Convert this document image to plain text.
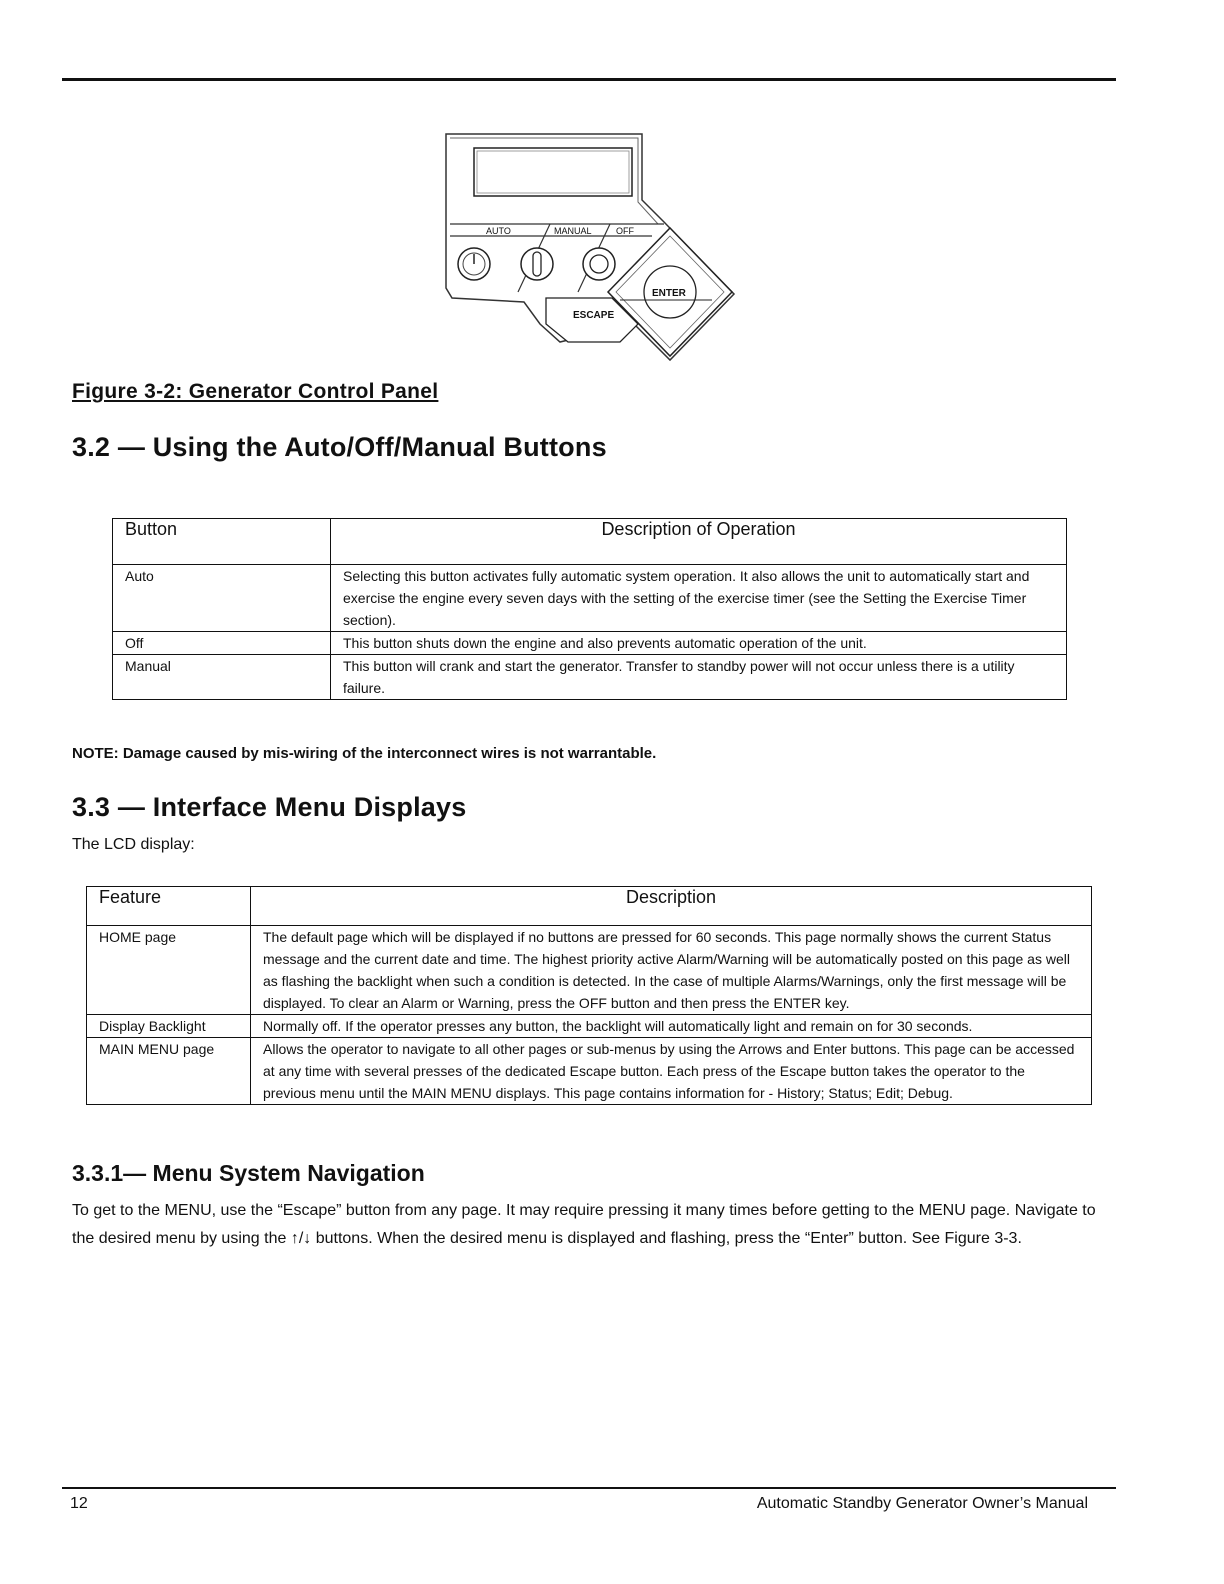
AUTO	MANUAL	OFF
ENTER
ESCAPE
Figure 3-2: Generator Control Panel
3.2 — Using the Auto/Off/Manual Buttons
Button	Description of Operation
Auto	Selecting this button activates fully automatic system operation. It also allows the unit to automatically start and exercise the engine every seven days with the setting of the exercise timer (see the Setting the Exercise Timer section).
Off	This button shuts down the engine and also prevents automatic operation of the unit.
Manual	This button will crank and start the generator. Transfer to standby power will not occur unless there is a utility failure.
NOTE: Damage caused by mis-wiring of the interconnect wires is not warrantable.
3.3 — Interface Menu Displays
The LCD display:
Feature	Description
HOME page	The default page which will be displayed if no buttons are pressed for 60 seconds. This page normally shows the current Status message and the current date and time. The highest priority active Alarm/Warning will be automatically posted on this page as well as flashing the backlight when such a condition is detected. In the case of multiple Alarms/Warnings, only the first message will be displayed. To clear an Alarm or Warning, press the OFF button and then press the ENTER key.
Display Backlight	Normally off. If the operator presses any button, the backlight will automatically light and remain on for 30 seconds.
MAIN MENU page	Allows the operator to navigate to all other pages or sub-menus by using the Arrows and Enter buttons. This page can be accessed at any time with several presses of the dedicated Escape button. Each press of the Escape button takes the operator to the previous menu until the MAIN MENU displays. This page contains information for - History; Status; Edit; Debug.
3.3.1— Menu System Navigation

To get to the MENU, use the “Escape” button from any page. It may require pressing it many times before getting to the MENU page. Navigate to the desired menu by using the ↑/↓ buttons. When the desired menu is displayed and flashing, press the “Enter” button. See Figure 3-3.

12	Automatic Standby Generator Owner’s Manual
